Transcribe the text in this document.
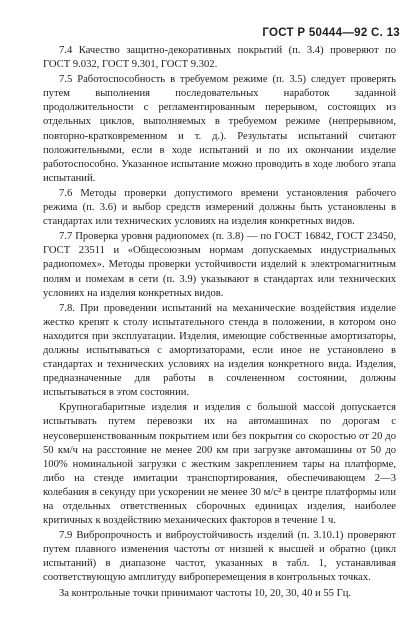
ГОСТ Р 50444—92 С. 13

7.4 Качество защитно-декоративных покрытий (п. 3.4) проверяют по ГОСТ 9.032, ГОСТ 9.301, ГОСТ 9.302.

7.5 Работоспособность в требуемом режиме (п. 3.5) следует проверять путем выполнения последовательных наработок заданной продолжительности с регламентированным перерывом, состоящих из отдельных циклов, выполняемых в требуемом режиме (непрерывном, повторно-кратковременном и т. д.). Результаты испытаний считают положительными, если в ходе испытаний и по их окончании изделие работоспособно. Указанное испытание можно проводить в ходе любого этапа испытаний.

7.6 Методы проверки допустимого времени установления рабочего режима (п. 3.6) и выбор средств измерений должны быть установлены в стандартах или технических условиях на изделия конкретных видов.

7.7 Проверка уровня радиопомех (п. 3.8) — по ГОСТ 16842, ГОСТ 23450, ГОСТ 23511 и «Общесоюзным нормам допускаемых индустриальных радиопомех». Методы проверки устойчивости изделий к электромагнитным полям и помехам в сети (п. 3.9) указывают в стандартах или технических условиях на изделия конкретных видов.

7.8. При проведении испытаний на механические воздействия изделие жестко крепят к столу испытательного стенда в положении, в котором оно находится при эксплуатации. Изделия, имеющие собственные амортизаторы, должны испытываться с амортизаторами, если иное не установлено в стандартах и технических условиях на изделия конкретного вида. Изделия, предназначенные для работы в сочлененном состоянии, должны испытываться в этом состоянии.

Крупногабаритные изделия и изделия с большой массой допускается испытывать путем перевозки их на автомашинах по дорогам с неусовершенствованным покрытием или без покрытия со скоростью от 20 до 50 км/ч на расстояние не менее 200 км при загрузке автомашины от 50 до 100% номинальной загрузки с жестким закреплением тары на платформе, либо на стенде имитации транспортирования, обеспечивающем 2—3 колебания в секунду при ускорении не менее 30 м/с² в центре платформы или на отдельных ответственных сборочных единицах изделия, наиболее критичных к воздействию механических факторов в течение 1 ч.

7.9 Вибропрочность и виброустойчивость изделий (п. 3.10.1) проверяют путем плавного изменения частоты от низшей к высшей и обратно (цикл испытаний) в диапазоне частот, указанных в табл. 1, устанавливая соответствующую амплитуду виброперемещения в контрольных точках.

За контрольные точки принимают частоты 10, 20, 30, 40 и 55 Гц.
